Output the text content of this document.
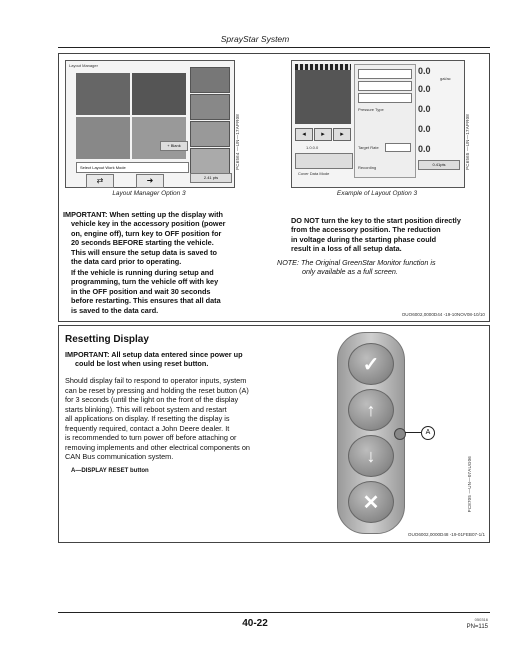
SprayStar System
Layout Manager
+ Blank
Select Layout Work Mode
⇄	➜	2.41 pts
PC6564 —UN—17APR08
Layout Manager Option 3
◂	▸	▸
1.0.0.0
Cover Data Mode
Pressure Type
Target Rate
Recording
0.0
0.0
0.0
0.0
0.0
gal/ac
0.41pts	PC6565 —UN—17APR08
Example of Layout Option 3
IMPORTANT: When setting up the display with
vehicle key in the accessory position (power
on, engine off), turn key to OFF position for
20 seconds BEFORE starting the vehicle.
This will ensure the setup data is saved to
the data card prior to operating.
If the vehicle is running during setup and
programming, turn the vehicle off with key
in the OFF position and wait 30 seconds
before restarting. This ensures that all data
is saved to the data card.
DO NOT turn the key to the start position directly
from the accessory position. The reduction
in voltage during the starting phase could
result in a loss of all setup data.
NOTE: The Original GreenStar Monitor function is
only available as a full screen.
OUO6002,0000D44 -19-10NOV08-10/10
Resetting Display
IMPORTANT: All setup data entered since power up
could be lost when using reset button.
Should display fail to respond to operator inputs, system
can be reset by pressing and holding the reset button (A)
for 3 seconds (until the light on the front of the display
starts blinking). This will reboot system and restart
all applications on display. If resetting the display is
frequently required, contact a John Deere dealer. It
is recommended to turn power off before attaching or
removing implements and other electrical components on
CAN Bus communication system.
A—DISPLAY RESET button
✓
↑
↓
✕
A
PC8705 —UN—07AUG06
OUO6002,0000D48 -19-01FEB07-1/1
40-22	050316
PN=115
